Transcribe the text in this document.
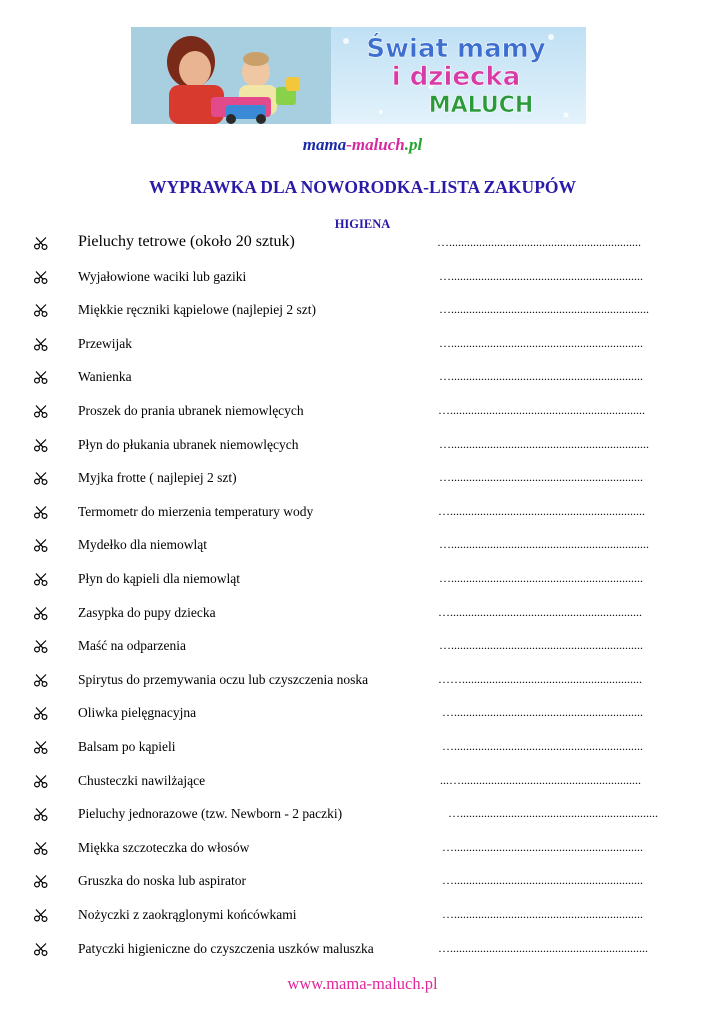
Świat mamy
i dziecka
MALUCH
mama-maluch.pl
WYPRAWKA DLA NOWORODKA-LISTA ZAKUPÓW
HIGIENA
Pieluchy tetrowe (około 20 sztuk)	…................................................................
Wyjałowione waciki lub gaziki	…................................................................
Miękkie ręczniki kąpielowe (najlepiej 2 szt)	…..................................................................
Przewijak	…................................................................
Wanienka	…................................................................
Proszek do prania ubranek niemowlęcych	….................................................................
Płyn do płukania ubranek niemowlęcych	…..................................................................
Myjka frotte ( najlepiej 2 szt)	…................................................................
Termometr do mierzenia temperatury wody	….................................................................
Mydełko dla niemowląt	…..................................................................
Płyn do kąpieli dla niemowląt	…................................................................
Zasypka do pupy dziecka	…................................................................
Maść na odparzenia	…................................................................
Spirytus do przemywania oczu lub czyszczenia noska	……............................................................
Oliwka pielęgnacyjna	…...............................................................
Balsam po kąpieli	…...............................................................
Chusteczki nawilżające	...…............................................................
Pieluchy jednorazowe (tzw. Newborn - 2 paczki)	…..................................................................
Miękka szczoteczka do włosów	…...............................................................
Gruszka do noska lub aspirator	…...............................................................
Nożyczki z zaokrąglonymi końcówkami	…...............................................................
Patyczki higieniczne do czyszczenia uszków maluszka	…..................................................................
www.mama-maluch.pl
